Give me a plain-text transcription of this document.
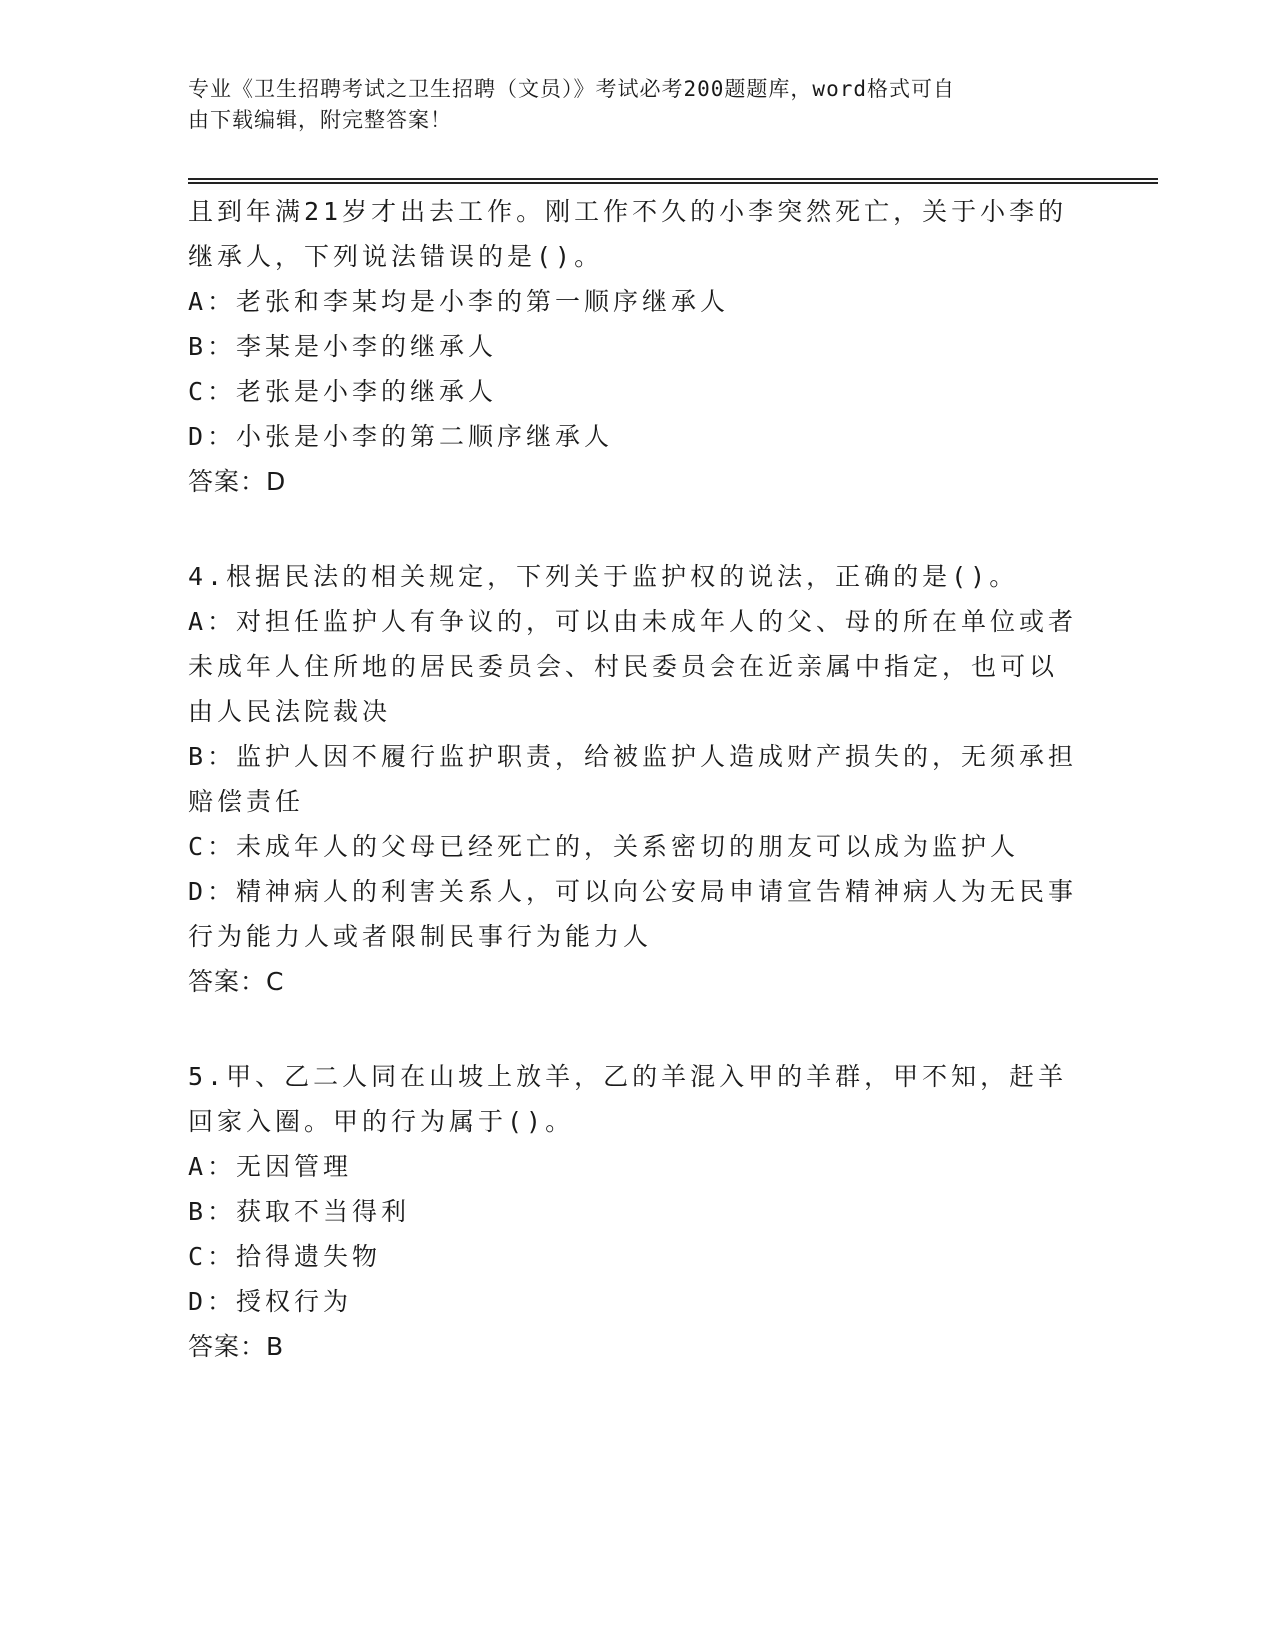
专业《卫生招聘考试之卫生招聘（文员）》考试必考200题题库，word格式可自
由下载编辑，附完整答案！
且到年满21岁才出去工作。刚工作不久的小李突然死亡，关于小李的
继承人，下列说法错误的是()。
A：老张和李某均是小李的第一顺序继承人
B：李某是小李的继承人
C：老张是小李的继承人
D：小张是小李的第二顺序继承人
答案：D
4.根据民法的相关规定，下列关于监护权的说法，正确的是()。
A：对担任监护人有争议的，可以由未成年人的父、母的所在单位或者
未成年人住所地的居民委员会、村民委员会在近亲属中指定，也可以
由人民法院裁决
B：监护人因不履行监护职责，给被监护人造成财产损失的，无须承担
赔偿责任
C：未成年人的父母已经死亡的，关系密切的朋友可以成为监护人
D：精神病人的利害关系人，可以向公安局申请宣告精神病人为无民事
行为能力人或者限制民事行为能力人
答案：C
5.甲、乙二人同在山坡上放羊，乙的羊混入甲的羊群，甲不知，赶羊
回家入圈。甲的行为属于()。
A：无因管理
B：获取不当得利
C：拾得遗失物
D：授权行为
答案：B
